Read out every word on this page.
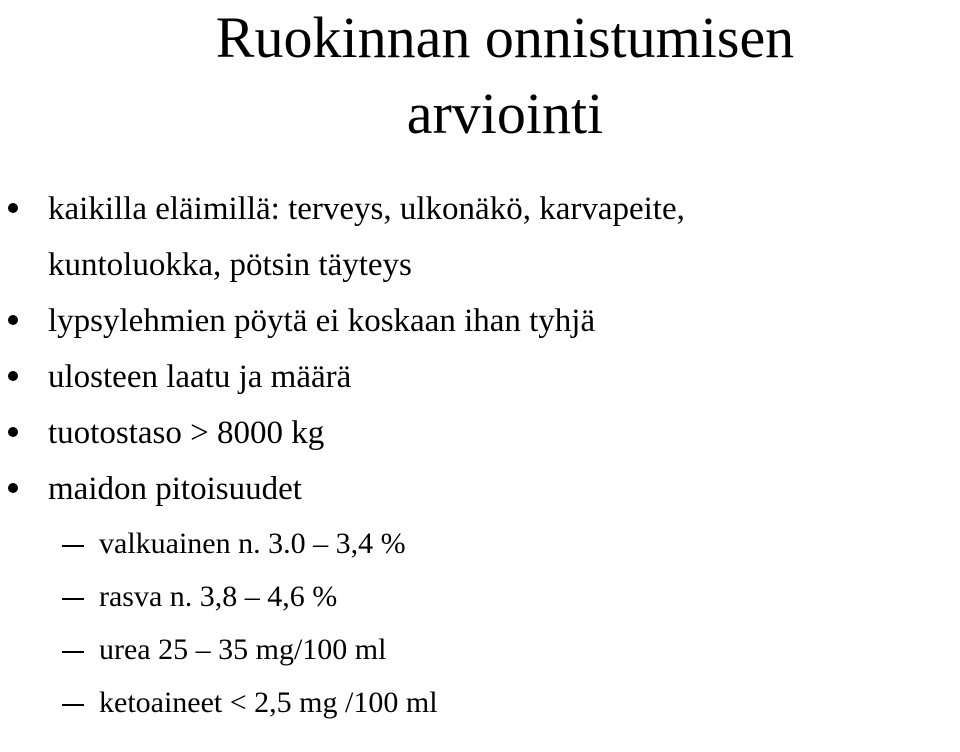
Ruokinnan onnistumisen
arviointi
kaikilla eläimillä: terveys, ulkonäkö, karvapeite,
kuntoluokka, pötsin täyteys
lypsylehmien pöytä ei koskaan ihan tyhjä
ulosteen laatu ja määrä
tuotostaso > 8000 kg
maidon pitoisuudet
valkuainen n. 3.0 – 3,4 %
rasva n. 3,8 – 4,6 %
urea 25 – 35 mg/100 ml
ketoaineet < 2,5 mg /100 ml
